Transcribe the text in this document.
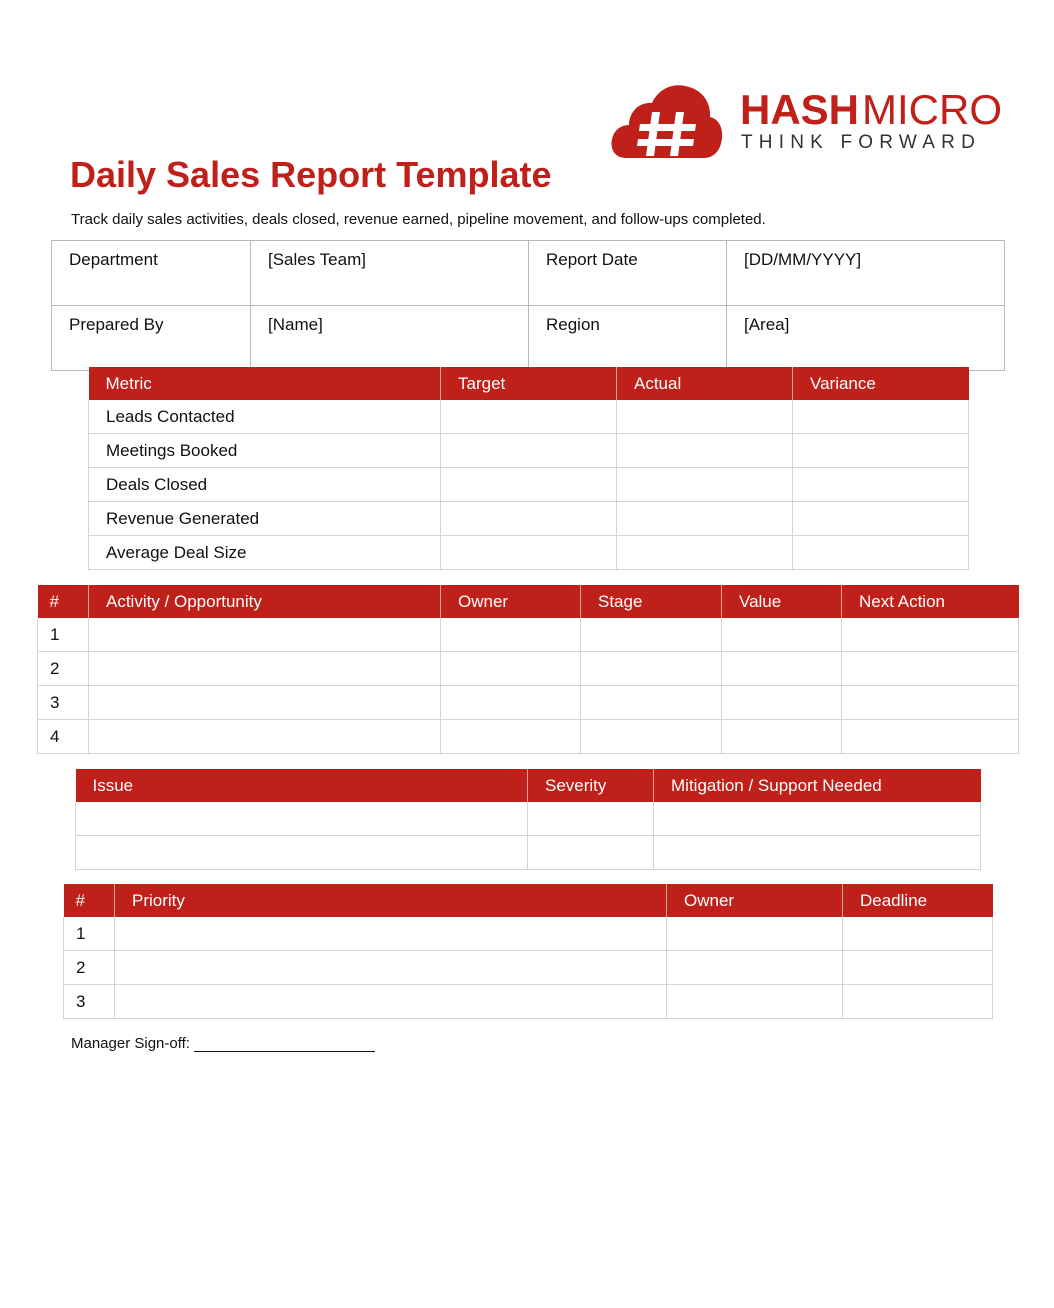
HASH MICRO
THINK FORWARD
Daily Sales Report Template
Track daily sales activities, deals closed, revenue earned, pipeline movement, and follow-ups completed.
Department	[Sales Team]	Report Date	[DD/MM/YYYY]
Prepared By	[Name]	Region	[Area]
Metric	Target	Actual	Variance
Leads Contacted			
Meetings Booked			
Deals Closed			
Revenue Generated			
Average Deal Size			
#	Activity / Opportunity	Owner	Stage	Value	Next Action
1					
2					
3					
4					
Issue	Severity	Mitigation / Support Needed

#	Priority	Owner	Deadline
1			
2			
3			
Manager Sign-off:
